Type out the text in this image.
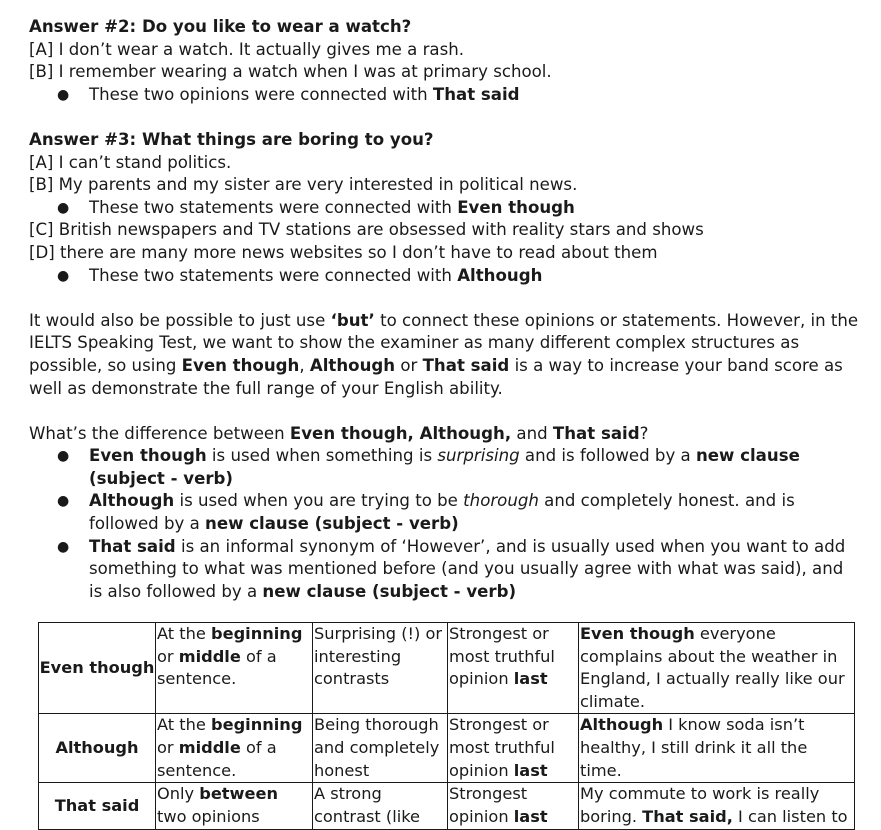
Answer #2: Do you like to wear a watch?
[A] I don’t wear a watch. It actually gives me a rash.
[B] I remember wearing a watch when I was at primary school.
● These two opinions were connected with That said
Answer #3: What things are boring to you?
[A] I can’t stand politics.
[B] My parents and my sister are very interested in political news.
● These two statements were connected with Even though
[C] British newspapers and TV stations are obsessed with reality stars and shows
[D] there are many more news websites so I don’t have to read about them
● These two statements were connected with Although
It would also be possible to just use ‘but’ to connect these opinions or statements. However, in the IELTS Speaking Test, we want to show the examiner as many different complex structures as possible, so using Even though, Although or That said is a way to increase your band score as well as demonstrate the full range of your English ability.
What’s the difference between Even though, Although, and That said?
● Even though is used when something is surprising and is followed by a new clause (subject - verb)
● Although is used when you are trying to be thorough and completely honest. and is followed by a new clause (subject - verb)
● That said is an informal synonym of ‘However’, and is usually used when you want to add something to what was mentioned before (and you usually agree with what was said), and is also followed by a new clause (subject - verb)
Even though	At the beginning or middle of a sentence.	Surprising (!) or interesting contrasts	Strongest or most truthful opinion last	Even though everyone complains about the weather in England, I actually really like our climate.

Although	At the beginning or middle of a sentence.	Being thorough and completely honest	Strongest or most truthful opinion last	Although I know soda isn’t healthy, I still drink it all the time.

That said	Only between two opinions	A strong contrast (like	Strongest opinion last	My commute to work is really boring. That said, I can listen to
